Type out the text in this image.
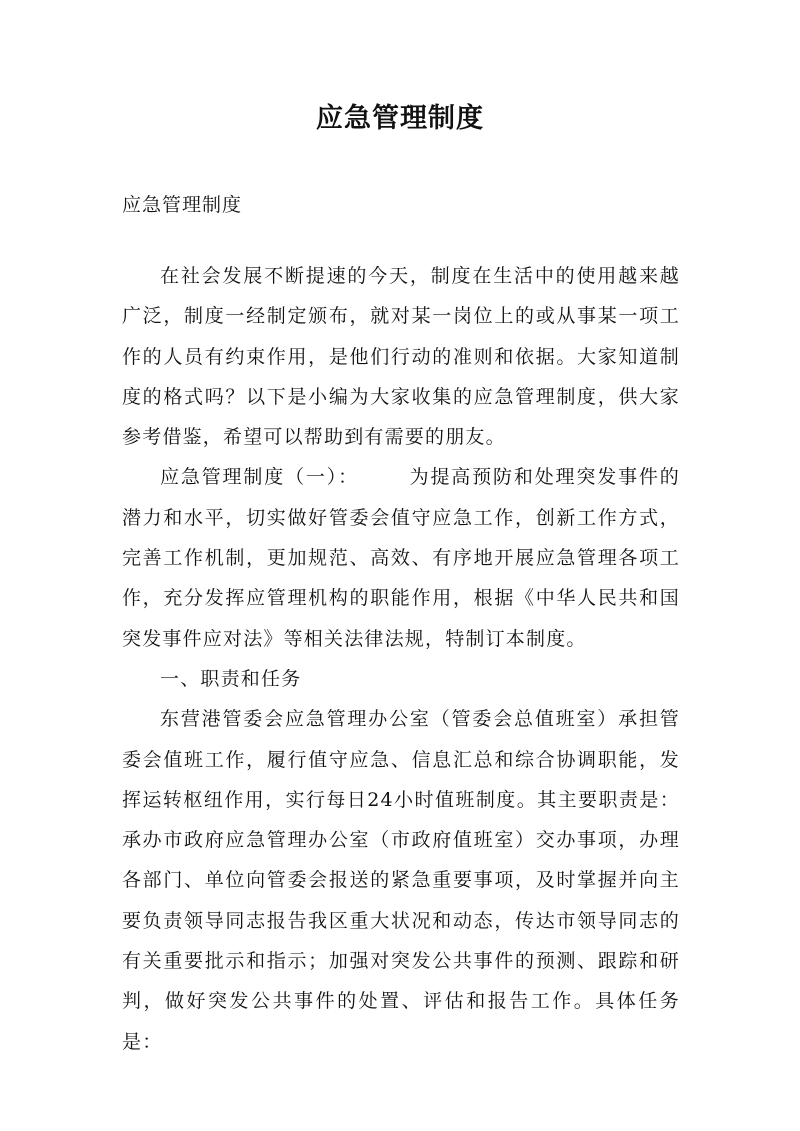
应急管理制度

应急管理制度

在社会发展不断提速的今天，制度在生活中的使用越来越广泛，制度一经制定颁布，就对某一岗位上的或从事某一项工作的人员有约束作用，是他们行动的准则和依据。大家知道制度的格式吗？以下是小编为大家收集的应急管理制度，供大家参考借鉴，希望可以帮助到有需要的朋友。

应急管理制度（一）：	为提高预防和处理突发事件的潜力和水平，切实做好管委会值守应急工作，创新工作方式，完善工作机制，更加规范、高效、有序地开展应急管理各项工作，充分发挥应管理机构的职能作用，根据《中华人民共和国突发事件应对法》等相关法律法规，特制订本制度。

一、职责和任务

东营港管委会应急管理办公室（管委会总值班室）承担管委会值班工作，履行值守应急、信息汇总和综合协调职能，发挥运转枢纽作用，实行每日24小时值班制度。其主要职责是：承办市政府应急管理办公室（市政府值班室）交办事项，办理各部门、单位向管委会报送的紧急重要事项，及时掌握并向主要负责领导同志报告我区重大状况和动态，传达市领导同志的有关重要批示和指示；加强对突发公共事件的预测、跟踪和研判，做好突发公共事件的处置、评估和报告工作。具体任务是：
